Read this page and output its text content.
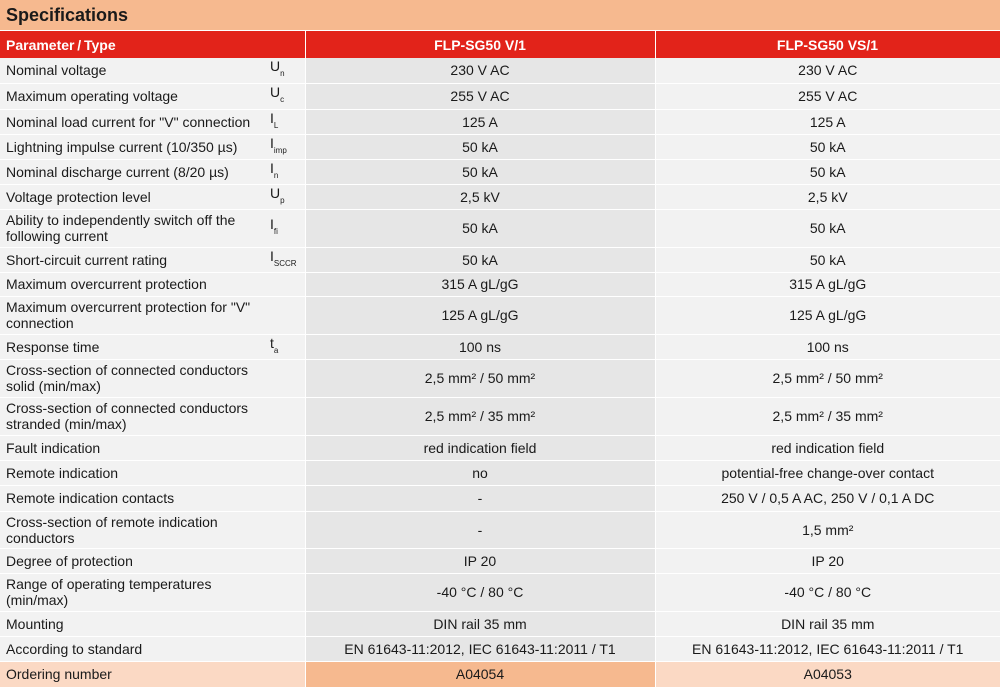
Specifications
Parameter / Type		FLP-SG50 V/1	FLP-SG50 VS/1
Nominal voltage	$U_n$	230 V AC	230 V AC
Maximum operating voltage	$U_c$	255 V AC	255 V AC
Nominal load current for "V" connection	$I_L$	125 A	125 A
Lightning impulse current (10/350 µs)	$I_{imp}$	50 kA	50 kA
Nominal discharge current (8/20 µs)	$I_n$	50 kA	50 kA
Voltage protection level	$U_p$	2,5 kV	2,5 kV
Ability to independently switch off the following current	$I_{fi}$	50 kA	50 kA
Short-circuit current rating	$I_{SCCR}$	50 kA	50 kA
Maximum overcurrent protection		315 A gL/gG	315 A gL/gG
Maximum overcurrent protection for "V" connection		125 A gL/gG	125 A gL/gG
Response time	$t_a$	100 ns	100 ns
Cross-section of connected conductors solid (min/max)		2,5 mm² / 50 mm²	2,5 mm² / 50 mm²
Cross-section of connected conductors stranded (min/max)		2,5 mm² / 35 mm²	2,5 mm² / 35 mm²
Fault indication		red indication field	red indication field
Remote indication		no	potential-free change-over contact
Remote indication contacts		-	250 V / 0,5 A AC, 250 V / 0,1 A DC
Cross-section of remote indication conductors		-	1,5 mm²
Degree of protection		IP 20	IP 20
Range of operating temperatures (min/max)		-40 °C / 80 °C	-40 °C / 80 °C
Mounting		DIN rail 35 mm	DIN rail 35 mm
According to standard		EN 61643-11:2012, IEC 61643-11:2011 / T1	EN 61643-11:2012, IEC 61643-11:2011 / T1
Ordering number		A04054	A04053
